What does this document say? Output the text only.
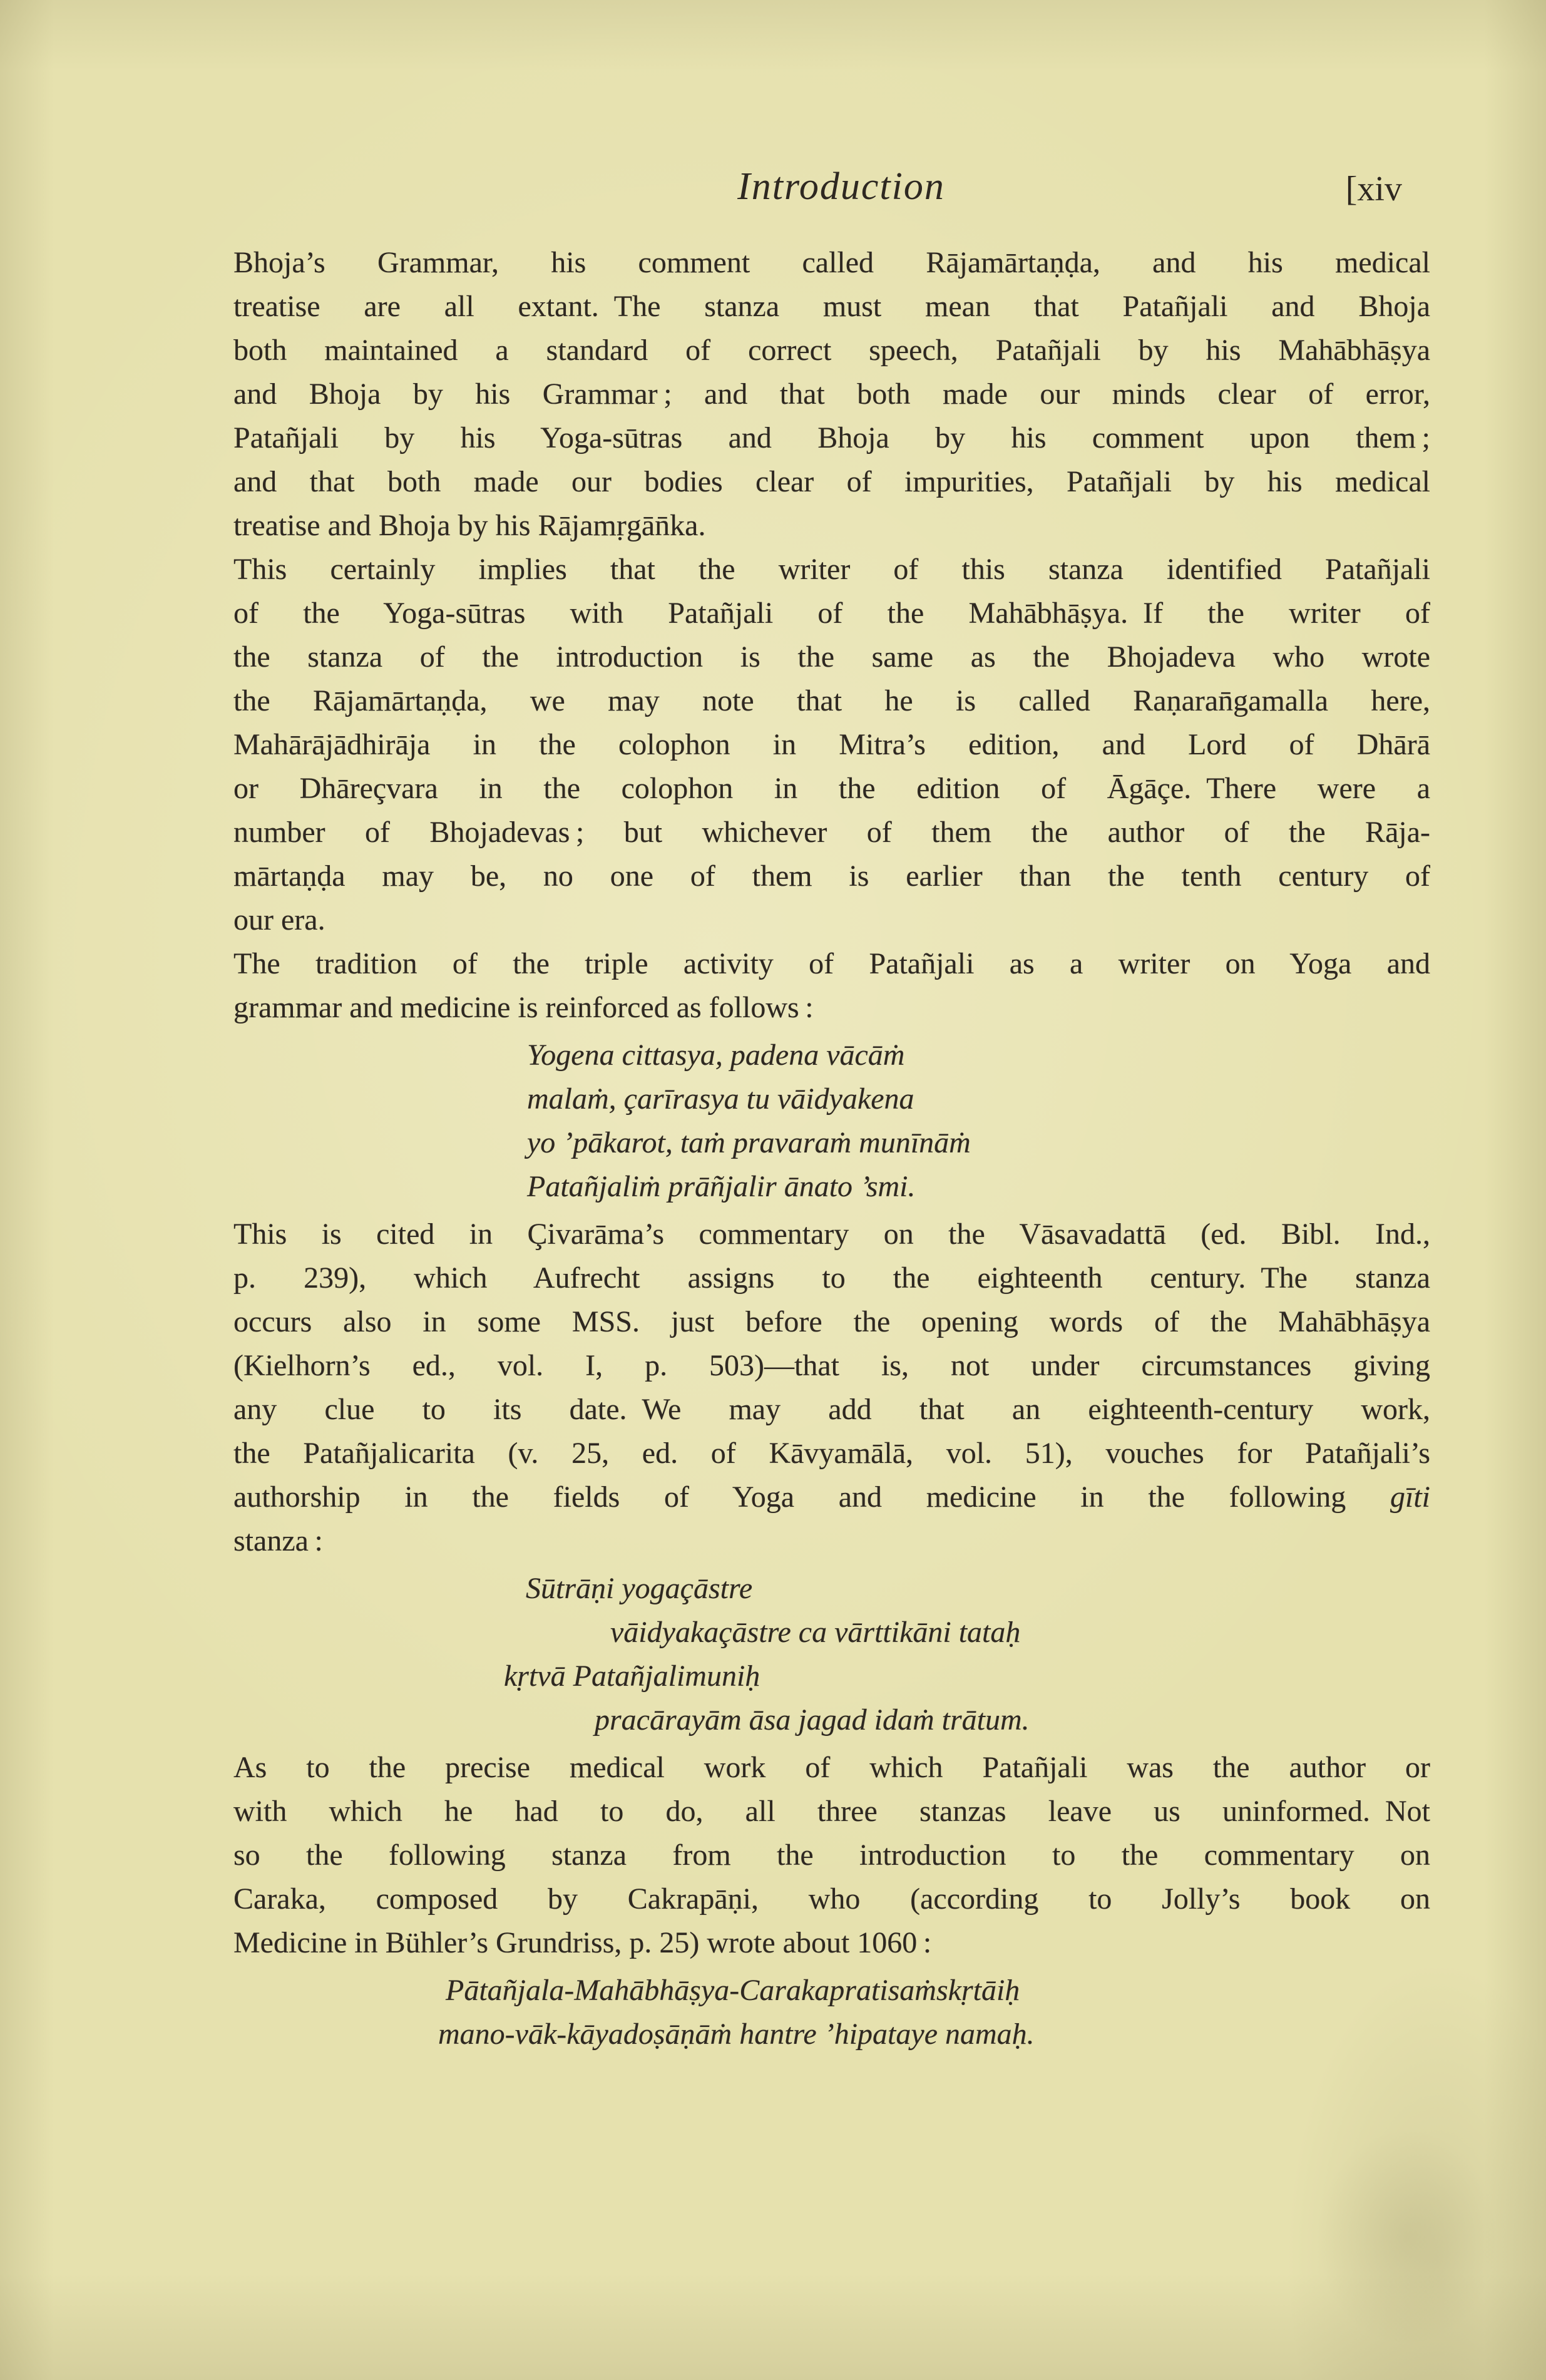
Introduction	[xiv
Bhoja’s Grammar, his comment called Rājamārtaṇḍa, and his medical
treatise are all extant. The stanza must mean that Patañjali and Bhoja
both maintained a standard of correct speech, Patañjali by his Mahābhāṣya
and Bhoja by his Grammar ; and that both made our minds clear of error,
Patañjali by his Yoga-sūtras and Bhoja by his comment upon them ;
and that both made our bodies clear of impurities, Patañjali by his medical
treatise and Bhoja by his Rājamṛgān̄ka.
This certainly implies that the writer of this stanza identified Patañjali
of the Yoga-sūtras with Patañjali of the Mahābhāṣya. If the writer of
the stanza of the introduction is the same as the Bhojadeva who wrote
the Rājamārtaṇḍa, we may note that he is called Raṇaran̄gamalla here,
Mahārājādhirāja in the colophon in Mitra’s edition, and Lord of Dhārā
or Dhāreçvara in the colophon in the edition of Āgāçe. There were a
number of Bhojadevas ; but whichever of them the author of the Rāja-
mārtaṇḍa may be, no one of them is earlier than the tenth century of
our era.
The tradition of the triple activity of Patañjali as a writer on Yoga and
grammar and medicine is reinforced as follows :
Yogena cittasya, padena vācāṁ
malaṁ, çarīrasya tu vāidyakena
yo ’pākarot, taṁ pravaraṁ munīnāṁ
Patañjaliṁ prāñjalir ānato ’smi.
This is cited in Çivarāma’s commentary on the Vāsavadattā (ed. Bibl. Ind.,
p. 239), which Aufrecht assigns to the eighteenth century. The stanza
occurs also in some MSS. just before the opening words of the Mahābhāṣya
(Kielhorn’s ed., vol. I, p. 503)—that is, not under circumstances giving
any clue to its date. We may add that an eighteenth-century work,
the Patañjalicarita (v. 25, ed. of Kāvyamālā, vol. 51), vouches for Patañjali’s
authorship in the fields of Yoga and medicine in the following gīti
stanza :
Sūtrāṇi yogaçāstre
vāidyakaçāstre ca vārttikāni tataḥ
kṛtvā Patañjalimuniḥ
pracārayām āsa jagad idaṁ trātum.
As to the precise medical work of which Patañjali was the author or
with which he had to do, all three stanzas leave us uninformed. Not
so the following stanza from the introduction to the commentary on
Caraka, composed by Cakrapāṇi, who (according to Jolly’s book on
Medicine in Bühler’s Grundriss, p. 25) wrote about 1060 :
Pātañjala-Mahābhāṣya-Carakapratisaṁskṛtāiḥ
mano-vāk-kāyadoṣāṇāṁ hantre ’hipataye namaḥ.
